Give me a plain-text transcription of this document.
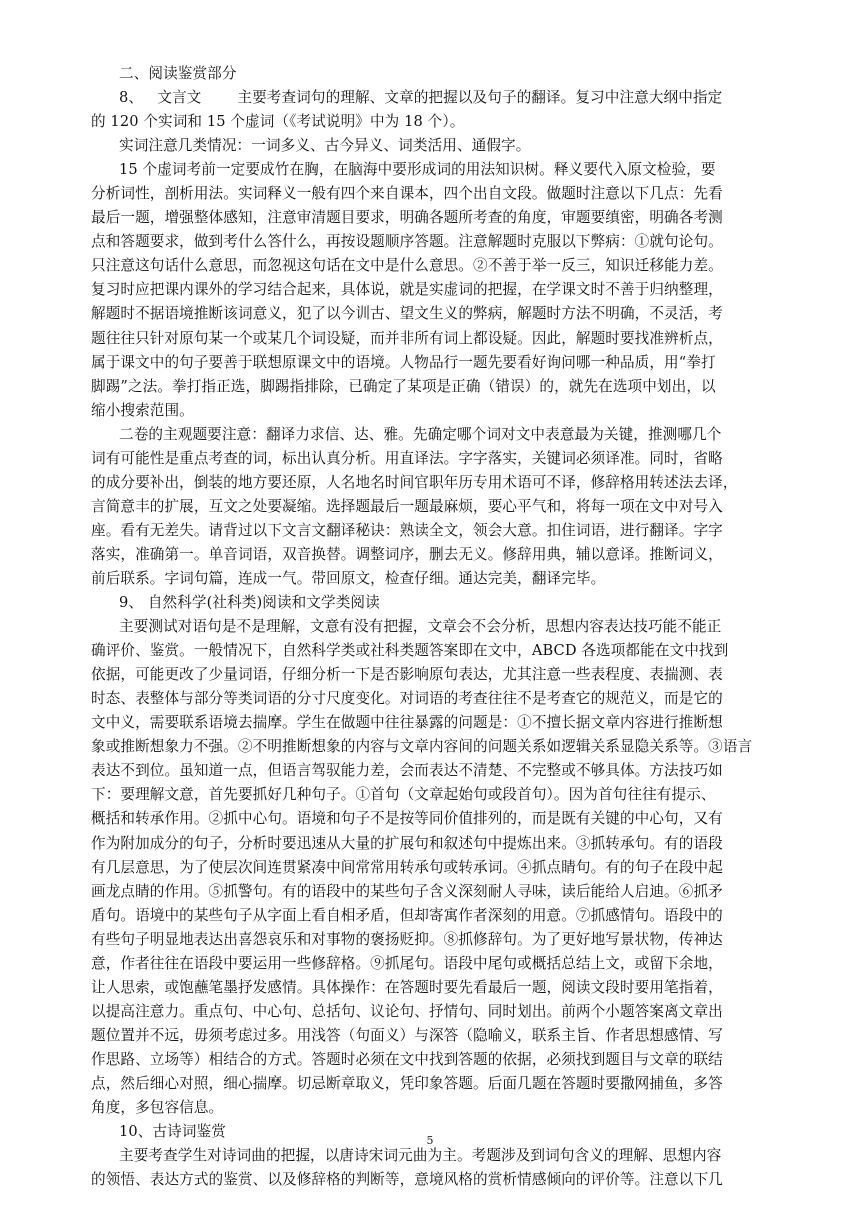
二、阅读鉴赏部分
8、 文言文 主要考查词句的理解、文章的把握以及句子的翻译。复习中注意大纲中指定
的 120 个实词和 15 个虚词（《考试说明》中为 18 个）。
实词注意几类情况：一词多义、古今异义、词类活用、通假字。
15 个虚词考前一定要成竹在胸，在脑海中要形成词的用法知识树。释义要代入原文检验，要
分析词性，剖析用法。实词释义一般有四个来自课本，四个出自文段。做题时注意以下几点：先看
最后一题，增强整体感知，注意审清题目要求，明确各题所考查的角度，审题要缜密，明确各考测
点和答题要求，做到考什么答什么，再按设题顺序答题。注意解题时克服以下弊病：①就句论句。
只注意这句话什么意思，而忽视这句话在文中是什么意思。②不善于举一反三，知识迁移能力差。
复习时应把课内课外的学习结合起来，具体说，就是实虚词的把握，在学课文时不善于归纳整理，
解题时不据语境推断该词意义，犯了以今训古、望文生义的弊病，解题时方法不明确，不灵活，考
题往往只针对原句某一个或某几个词设疑，而并非所有词上都设疑。因此，解题时要找准辨析点，
属于课文中的句子要善于联想原课文中的语境。人物品行一题先要看好询问哪一种品质，用“拳打
脚踢”之法。拳打指正选，脚踢指排除，已确定了某项是正确（错误）的，就先在选项中划出，以
缩小搜索范围。
二卷的主观题要注意：翻译力求信、达、雅。先确定哪个词对文中表意最为关键，推测哪几个
词有可能性是重点考查的词，标出认真分析。用直译法。字字落实，关键词必须译准。同时，省略
的成分要补出，倒装的地方要还原，人名地名时间官职年历专用术语可不译，修辞格用转述法去译，
言简意丰的扩展，互文之处要凝缩。选择题最后一题最麻烦，要心平气和，将每一项在文中对号入
座。看有无差失。请背过以下文言文翻译秘诀：熟读全文，领会大意。扣住词语，进行翻译。字字
落实，准确第一。单音词语，双音换替。调整词序，删去无义。修辞用典，辅以意译。推断词义，
前后联系。字词句篇，连成一气。带回原文，检查仔细。通达完美，翻译完毕。
9、 自然科学(社科类)阅读和文学类阅读
主要测试对语句是不是理解，文意有没有把握，文章会不会分析，思想内容表达技巧能不能正
确评价、鉴赏。一般情况下，自然科学类或社科类题答案即在文中，ABCD 各选项都能在文中找到
依据，可能更改了少量词语，仔细分析一下是否影响原句表达，尤其注意一些表程度、表揣测、表
时态、表整体与部分等类词语的分寸尺度变化。对词语的考查往往不是考查它的规范义，而是它的
文中义，需要联系语境去揣摩。学生在做题中往往暴露的问题是：①不擅长据文章内容进行推断想
象或推断想象力不强。②不明推断想象的内容与文章内容间的问题关系如逻辑关系显隐关系等。③语言
表达不到位。虽知道一点，但语言驾驭能力差，会而表达不清楚、不完整或不够具体。方法技巧如
下：要理解文意，首先要抓好几种句子。①首句（文章起始句或段首句）。因为首句往往有提示、
概括和转承作用。②抓中心句。语境和句子不是按等同价值排列的，而是既有关键的中心句，又有
作为附加成分的句子，分析时要迅速从大量的扩展句和叙述句中提炼出来。③抓转承句。有的语段
有几层意思，为了使层次间连贯紧凑中间常常用转承句或转承词。④抓点睛句。有的句子在段中起
画龙点睛的作用。⑤抓警句。有的语段中的某些句子含义深刻耐人寻味，读后能给人启迪。⑥抓矛
盾句。语境中的某些句子从字面上看自相矛盾，但却寄寓作者深刻的用意。⑦抓感情句。语段中的
有些句子明显地表达出喜怨哀乐和对事物的褒扬贬抑。⑧抓修辞句。为了更好地写景状物，传神达
意，作者往往在语段中要运用一些修辞格。⑨抓尾句。语段中尾句或概括总结上文，或留下余地，
让人思索，或饱蘸笔墨抒发感情。具体操作：在答题时要先看最后一题，阅读文段时要用笔指着，
以提高注意力。重点句、中心句、总括句、议论句、抒情句、同时划出。前两个小题答案离文章出
题位置并不远，毋须考虑过多。用浅答（句面义）与深答（隐喻义，联系主旨、作者思想感情、写
作思路、立场等）相结合的方式。答题时必须在文中找到答题的依据，必须找到题目与文章的联结
点，然后细心对照，细心揣摩。切忌断章取义，凭印象答题。后面几题在答题时要撒网捕鱼，多答
角度，多包容信息。
10、古诗词鉴赏
主要考查学生对诗词曲的把握，以唐诗宋词元曲为主。考题涉及到词句含义的理解、思想内容
的领悟、表达方式的鉴赏、以及修辞格的判断等，意境风格的赏析情感倾向的评价等。注意以下几
5
